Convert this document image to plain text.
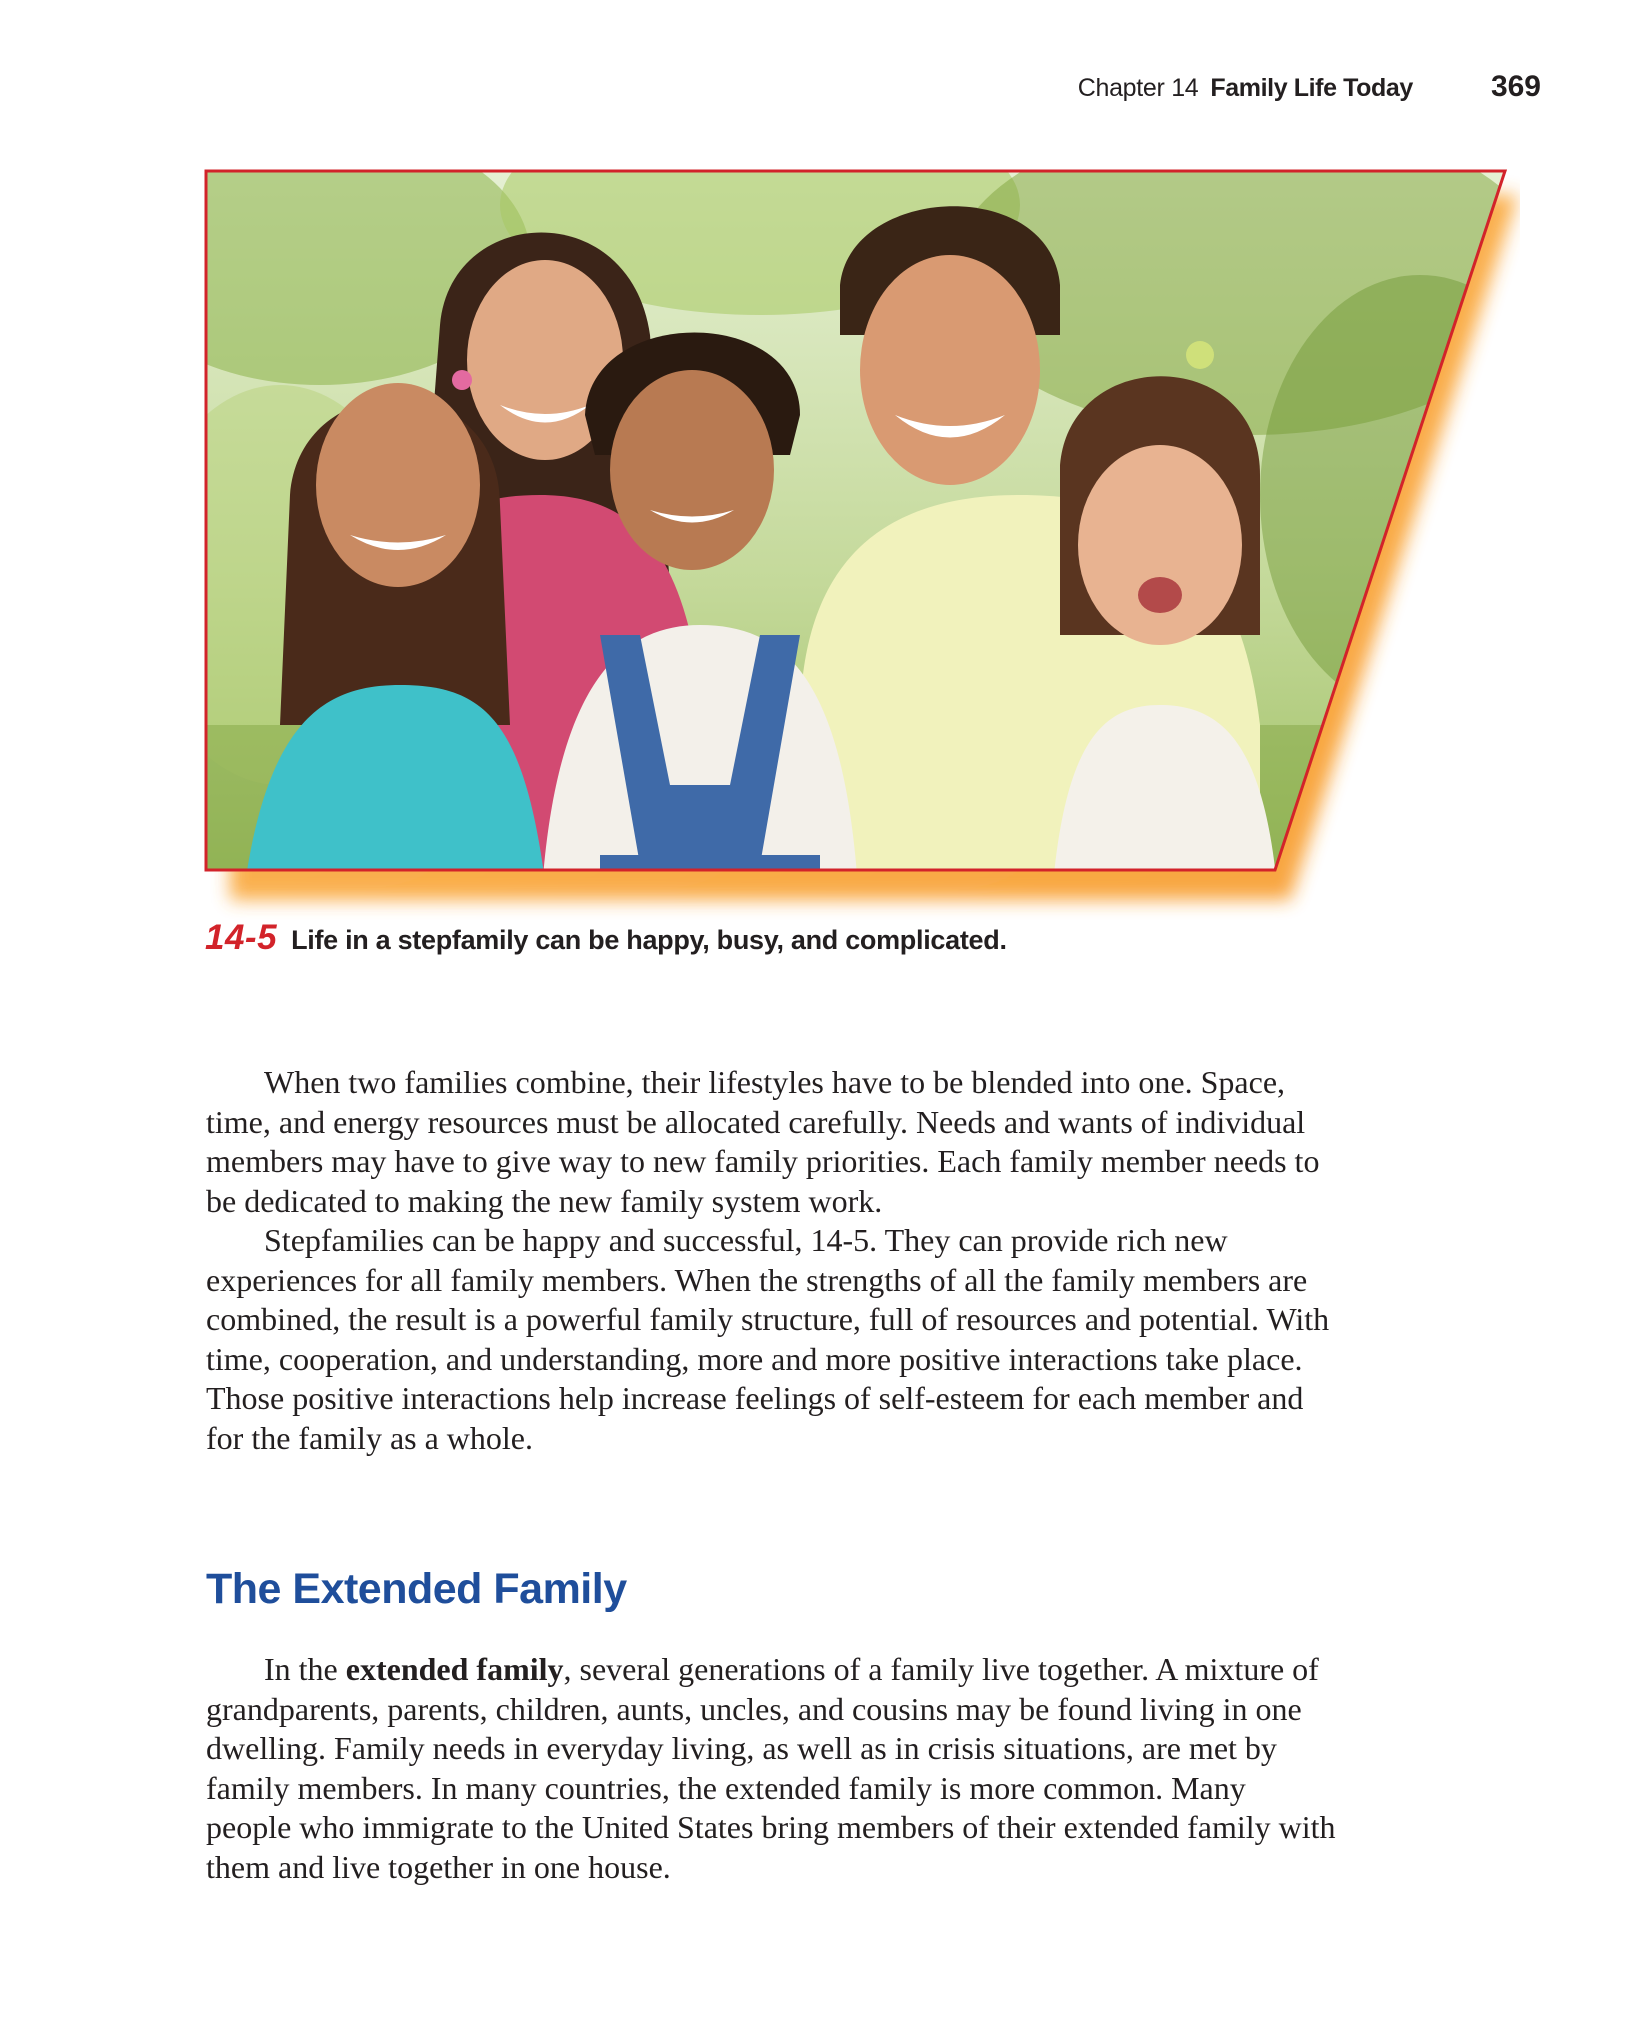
Chapter 14 Family Life Today	369
14-5 Life in a stepfamily can be happy, busy, and complicated.

When two families combine, their lifestyles have to be blended into one. Space, time, and energy resources must be allocated carefully. Needs and wants of individual members may have to give way to new family priorities. Each family member needs to be dedicated to making the new family system work.

Stepfamilies can be happy and successful, 14-5. They can provide rich new experiences for all family members. When the strengths of all the family members are combined, the result is a powerful family structure, full of resources and potential. With time, cooperation, and understanding, more and more positive interactions take place. Those positive interactions help increase feelings of self-esteem for each member and for the family as a whole.

The Extended Family

In the extended family, several generations of a family live together. A mixture of grandparents, parents, children, aunts, uncles, and cousins may be found living in one dwelling. Family needs in everyday living, as well as in crisis situations, are met by family members. In many countries, the extended family is more common. Many people who immigrate to the United States bring members of their extended family with them and live together in one house.
